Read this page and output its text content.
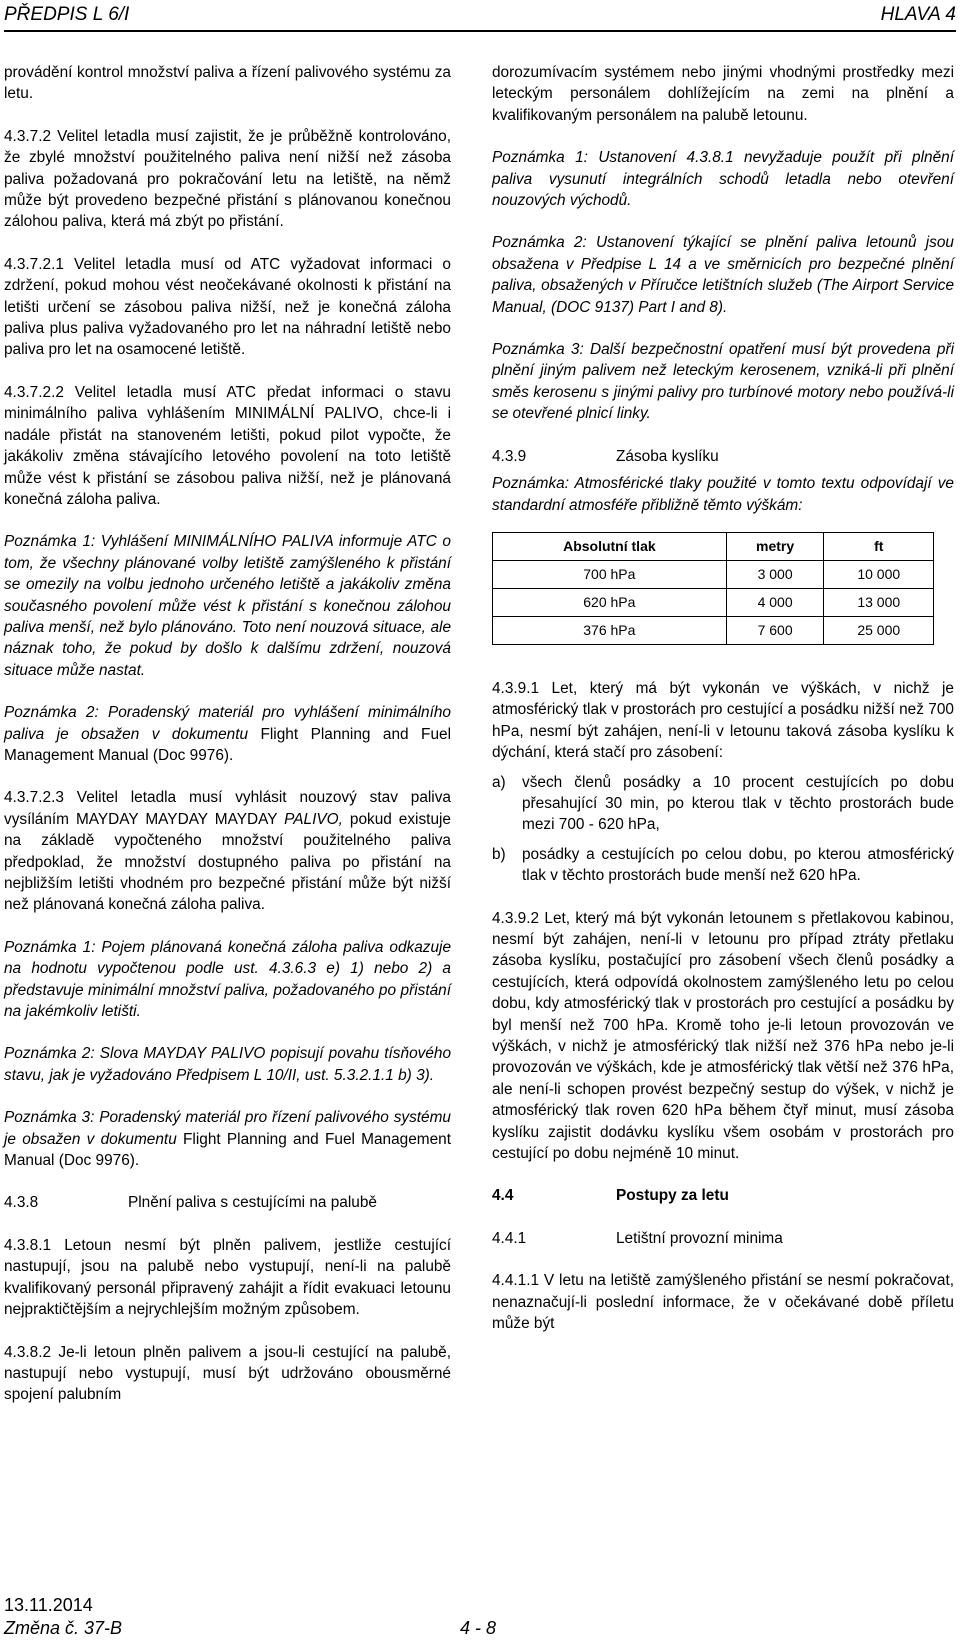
PŘEDPIS L 6/I	HLAVA 4

provádění kontrol množství paliva a řízení palivového systému za letu.

4.3.7.2 Velitel letadla musí zajistit, že je průběžně kontrolováno, že zbylé množství použitelného paliva není nižší než zásoba paliva požadovaná pro pokračování letu na letiště, na němž může být provedeno bezpečné přistání s plánovanou konečnou zálohou paliva, která má zbýt po přistání.

4.3.7.2.1 Velitel letadla musí od ATC vyžadovat informaci o zdržení, pokud mohou vést neočekávané okolnosti k přistání na letišti určení se zásobou paliva nižší, než je konečná záloha paliva plus paliva vyžadovaného pro let na náhradní letiště nebo paliva pro let na osamocené letiště.

4.3.7.2.2 Velitel letadla musí ATC předat informaci o stavu minimálního paliva vyhlášením MINIMÁLNÍ PALIVO, chce-li i nadále přistát na stanoveném letišti, pokud pilot vypočte, že jakákoliv změna stávajícího letového povolení na toto letiště může vést k přistání se zásobou paliva nižší, než je plánovaná konečná záloha paliva.

Poznámka 1: Vyhlášení MINIMÁLNÍHO PALIVA informuje ATC o tom, že všechny plánované volby letiště zamýšleného k přistání se omezily na volbu jednoho určeného letiště a jakákoliv změna současného povolení může vést k přistání s konečnou zálohou paliva menší, než bylo plánováno. Toto není nouzová situace, ale náznak toho, že pokud by došlo k dalšímu zdržení, nouzová situace může nastat.

Poznámka 2: Poradenský materiál pro vyhlášení minimálního paliva je obsažen v dokumentu Flight Planning and Fuel Management Manual (Doc 9976).

4.3.7.2.3 Velitel letadla musí vyhlásit nouzový stav paliva vysíláním MAYDAY MAYDAY MAYDAY PALIVO, pokud existuje na základě vypočteného množství použitelného paliva předpoklad, že množství dostupného paliva po přistání na nejbližším letišti vhodném pro bezpečné přistání může být nižší než plánovaná konečná záloha paliva.

Poznámka 1: Pojem plánovaná konečná záloha paliva odkazuje na hodnotu vypočtenou podle ust. 4.3.6.3 e) 1) nebo 2) a představuje minimální množství paliva, požadovaného po přistání na jakémkoliv letišti.

Poznámka 2: Slova MAYDAY PALIVO popisují povahu tísňového stavu, jak je vyžadováno Předpisem L 10/II, ust. 5.3.2.1.1 b) 3).

Poznámka 3: Poradenský materiál pro řízení palivového systému je obsažen v dokumentu Flight Planning and Fuel Management Manual (Doc 9976).

4.3.8	Plnění paliva s cestujícími na palubě

4.3.8.1 Letoun nesmí být plněn palivem, jestliže cestující nastupují, jsou na palubě nebo vystupují, není-li na palubě kvalifikovaný personál připravený zahájit a řídit evakuaci letounu nejpraktičtějším a nejrychlejším možným způsobem.

4.3.8.2 Je-li letoun plněn palivem a jsou-li cestující na palubě, nastupují nebo vystupují, musí být udržováno obousměrné spojení palubním

dorozumívacím systémem nebo jinými vhodnými prostředky mezi leteckým personálem dohlížejícím na zemi na plnění a kvalifikovaným personálem na palubě letounu.

Poznámka 1: Ustanovení 4.3.8.1 nevyžaduje použít při plnění paliva vysunutí integrálních schodů letadla nebo otevření nouzových východů.

Poznámka 2: Ustanovení týkající se plnění paliva letounů jsou obsažena v Předpise L 14 a ve směrnicích pro bezpečné plnění paliva, obsažených v Příručce letištních služeb (The Airport Service Manual, (DOC 9137) Part I and 8).

Poznámka 3: Další bezpečnostní opatření musí být provedena při plnění jiným palivem než leteckým kerosenem, vzniká-li při plnění směs kerosenu s jinými palivy pro turbínové motory nebo používá-li se otevřené plnicí linky.

4.3.9	Zásoba kyslíku

Poznámka: Atmosférické tlaky použité v tomto textu odpovídají ve standardní atmosféře přibližně těmto výškám:

Absolutní tlak	metry	ft
700 hPa	3 000	10 000
620 hPa	4 000	13 000
376 hPa	7 600	25 000

4.3.9.1 Let, který má být vykonán ve výškách, v nichž je atmosférický tlak v prostorách pro cestující a posádku nižší než 700 hPa, nesmí být zahájen, není-li v letounu taková zásoba kyslíku k dýchání, která stačí pro zásobení:

a) všech členů posádky a 10 procent cestujících po dobu přesahující 30 min, po kterou tlak v těchto prostorách bude mezi 700 - 620 hPa,
b) posádky a cestujících po celou dobu, po kterou atmosférický tlak v těchto prostorách bude menší než 620 hPa.

4.3.9.2 Let, který má být vykonán letounem s přetlakovou kabinou, nesmí být zahájen, není-li v letounu pro případ ztráty přetlaku zásoba kyslíku, postačující pro zásobení všech členů posádky a cestujících, která odpovídá okolnostem zamýšleného letu po celou dobu, kdy atmosférický tlak v prostorách pro cestující a posádku by byl menší než 700 hPa. Kromě toho je-li letoun provozován ve výškách, v nichž je atmosférický tlak nižší než 376 hPa nebo je-li provozován ve výškách, kde je atmosférický tlak větší než 376 hPa, ale není-li schopen provést bezpečný sestup do výšek, v nichž je atmosférický tlak roven 620 hPa během čtyř minut, musí zásoba kyslíku zajistit dodávku kyslíku všem osobám v prostorách pro cestující po dobu nejméně 10 minut.

4.4	Postupy za letu
4.4.1	Letištní provozní minima

4.4.1.1 V letu na letiště zamýšleného přistání se nesmí pokračovat, nenaznačují-li poslední informace, že v očekávané době příletu může být

13.11.2014
Změna č. 37-B	4 - 8
